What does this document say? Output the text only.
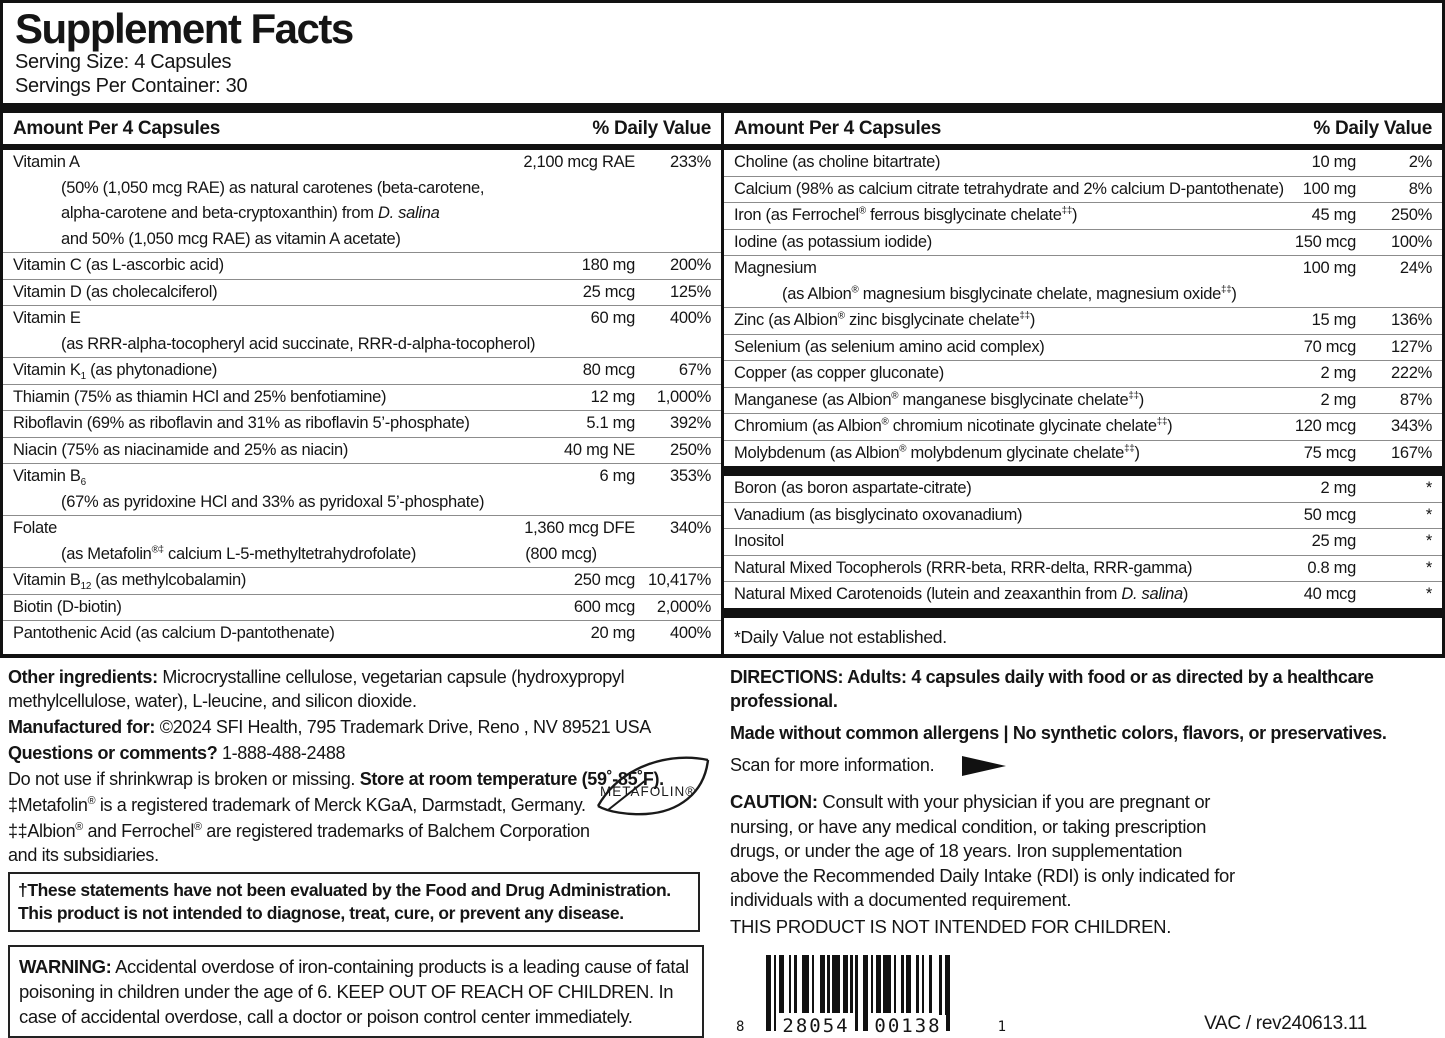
Supplement Facts
Serving Size: 4 Capsules
Servings Per Container: 30
Amount Per 4 Capsules	% Daily Value
Vitamin A	2,100 mcg RAE	233%
(50% (1,050 mcg RAE) as natural carotenes (beta-carotene,
alpha-carotene and beta-cryptoxanthin) from D. salina
and 50% (1,050 mcg RAE) as vitamin A acetate)
Vitamin C (as L-ascorbic acid)	180 mg	200%
Vitamin D (as cholecalciferol)	25 mcg	125%
Vitamin E	60 mg	400%
(as RRR-alpha-tocopheryl acid succinate, RRR-d-alpha-tocopherol)
Vitamin $K_1$ (as phytonadione)	80 mcg	67%
Thiamin (75% as thiamin HCl and 25% benfotiamine)	12 mg	1,000%
Riboflavin (69% as riboflavin and 31% as riboflavin 5’-phosphate)	5.1 mg	392%
Niacin (75% as niacinamide and 25% as niacin)	40 mg NE	250%
Vitamin $B_6$	6 mg	353%
(67% as pyridoxine HCl and 33% as pyridoxal 5’-phosphate)
Folate	1,360 mcg DFE	340%
(as Metafolin®‡ calcium L-5-methyltetrahydrofolate)	(800 mcg)
Vitamin $B_{12}$ (as methylcobalamin)	250 mcg 10,417%
Biotin (D-biotin)	600 mcg	2,000%
Pantothenic Acid (as calcium D-pantothenate)	20 mg	400%
Amount Per 4 Capsules	% Daily Value
Choline (as choline bitartrate)	10 mg	2%
Calcium (98% as calcium citrate tetrahydrate and 2% calcium D-pantothenate)	100 mg	8%
Iron (as Ferrochel® ferrous bisglycinate chelate‡‡)	45 mg	250%
Iodine (as potassium iodide)	150 mcg	100%
Magnesium	100 mg	24%
(as Albion® magnesium bisglycinate chelate, magnesium oxide‡‡)
Zinc (as Albion® zinc bisglycinate chelate‡‡)	15 mg	136%
Selenium (as selenium amino acid complex)	70 mcg	127%
Copper (as copper gluconate)	2 mg	222%
Manganese (as Albion® manganese bisglycinate chelate‡‡)	2 mg	87%
Chromium (as Albion® chromium nicotinate glycinate chelate‡‡)	120 mcg	343%
Molybdenum (as Albion® molybdenum glycinate chelate‡‡)	75 mcg	167%
Boron (as boron aspartate-citrate)	2 mg	*
Vanadium (as bisglycinato oxovanadium)	50 mcg	*
Inositol	25 mg	*
Natural Mixed Tocopherols (RRR-beta, RRR-delta, RRR-gamma)	0.8 mg	*
Natural Mixed Carotenoids (lutein and zeaxanthin from D. salina)	40 mcg	*
*Daily Value not established.

Other ingredients: Microcrystalline cellulose, vegetarian capsule (hydroxypropyl methylcellulose, water), L-leucine, and silicon dioxide.

Manufactured for: ©2024 SFI Health, 795 Trademark Drive, Reno , NV 89521 USA

Questions or comments? 1-888-488-2488

Do not use if shrinkwrap is broken or missing. Store at room temperature (59˚-85˚F).

‡Metafolin® is a registered trademark of Merck KGaA, Darmstadt, Germany.

‡‡Albion® and Ferrochel® are registered trademarks of Balchem Corporation and its subsidiaries.

METAFOLIN®
†These statements have not been evaluated by the Food and Drug Administration.
This product is not intended to diagnose, treat, cure, or prevent any disease.
WARNING: Accidental overdose of iron-containing products is a leading cause of fatal poisoning in children under the age of 6. KEEP OUT OF REACH OF CHILDREN. In case of accidental overdose, call a doctor or poison control center immediately.

DIRECTIONS: Adults: 4 capsules daily with food or as directed by a healthcare professional.

Made without common allergens | No synthetic colors, flavors, or preservatives.

Scan for more information.

CAUTION: Consult with your physician if you are pregnant or nursing, or have any medical condition, or taking prescription drugs, or under the age of 18 years. Iron supplementation above the Recommended Daily Intake (RDI) is only indicated for individuals with a documented requirement.

THIS PRODUCT IS NOT INTENDED FOR CHILDREN.

8 28054 00138	1	VAC / rev240613.11
